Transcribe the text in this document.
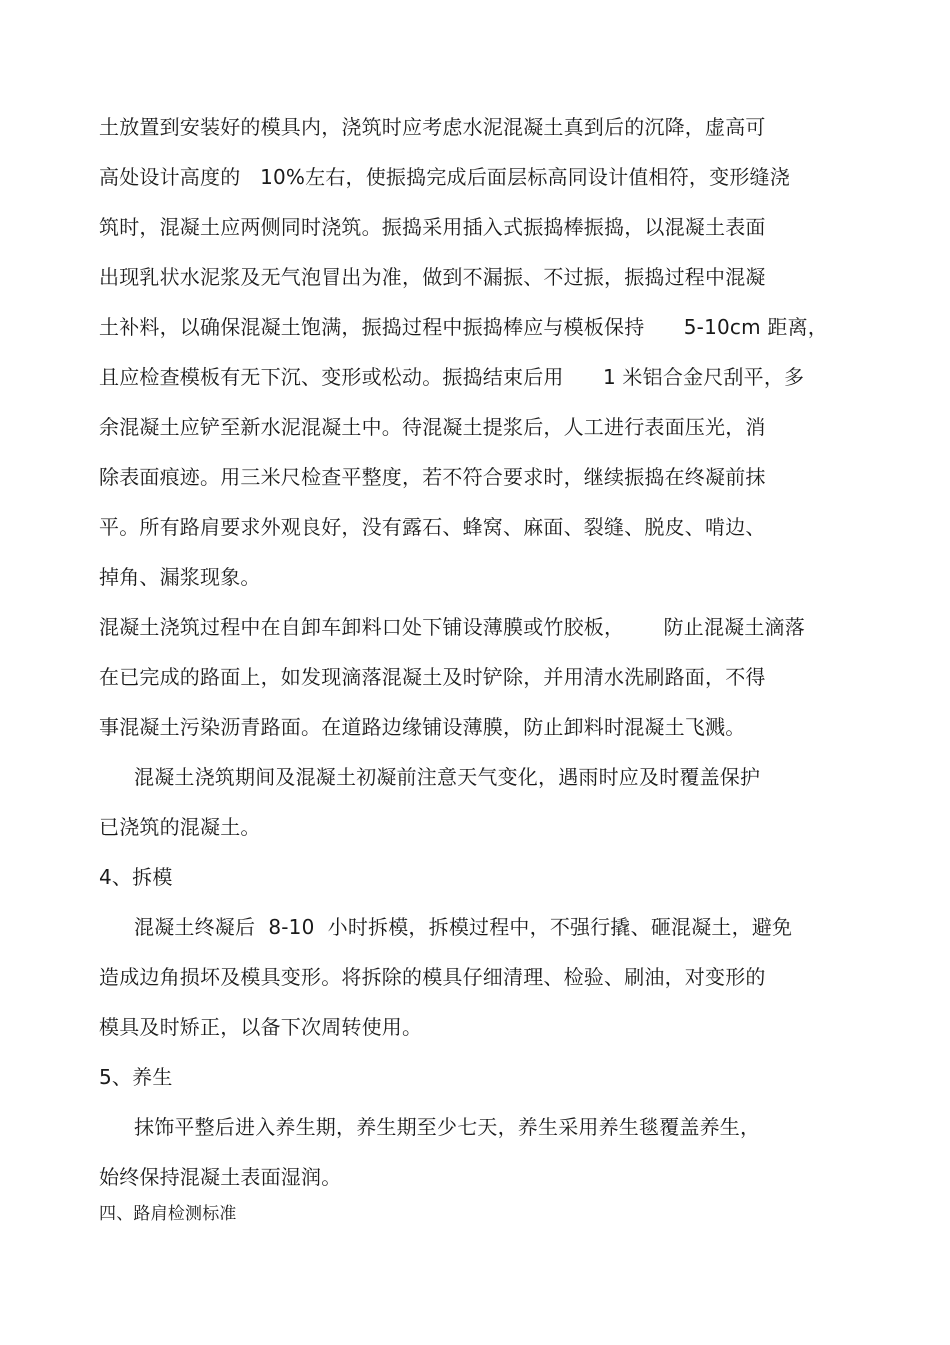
土放置到安装好的模具内，浇筑时应考虑水泥混凝土真到后的沉降，虚高可
高处设计高度的   10%左右，使振捣完成后面层标高同设计值相符，变形缝浇
筑时，混凝土应两侧同时浇筑。振捣采用插入式振捣棒振捣，以混凝土表面
出现乳状水泥浆及无气泡冒出为准，做到不漏振、不过振，振捣过程中混凝
土补料，以确保混凝土饱满，振捣过程中振捣棒应与模板保持      5-10cm 距离，
且应检查模板有无下沉、变形或松动。振捣结束后用      1 米铝合金尺刮平，多
余混凝土应铲至新水泥混凝土中。待混凝土提浆后，人工进行表面压光，消
除表面痕迹。用三米尺检查平整度，若不符合要求时，继续振捣在终凝前抹
平。所有路肩要求外观良好，没有露石、蜂窝、麻面、裂缝、脱皮、啃边、
掉角、漏浆现象。
混凝土浇筑过程中在自卸车卸料口处下铺设薄膜或竹胶板，      防止混凝土滴落
在已完成的路面上，如发现滴落混凝土及时铲除，并用清水洗刷路面，不得
事混凝土污染沥青路面。在道路边缘铺设薄膜，防止卸料时混凝土飞溅。
混凝土浇筑期间及混凝土初凝前注意天气变化，遇雨时应及时覆盖保护
已浇筑的混凝土。
4、拆模
混凝土终凝后  8-10  小时拆模，拆模过程中，不强行撬、砸混凝土，避免
造成边角损坏及模具变形。将拆除的模具仔细清理、检验、刷油，对变形的
模具及时矫正，以备下次周转使用。
5、养生
抹饰平整后进入养生期，养生期至少七天，养生采用养生毯覆盖养生，
始终保持混凝土表面湿润。
四、路肩检测标准
